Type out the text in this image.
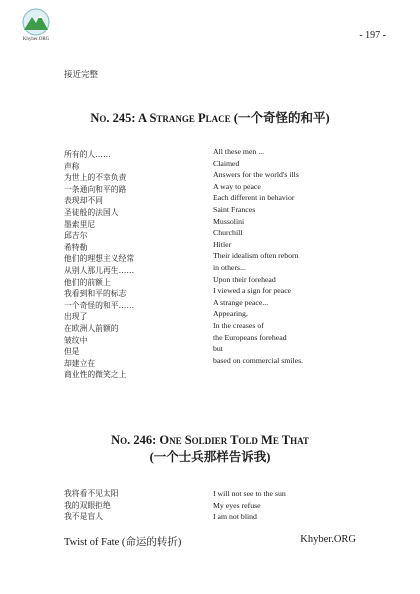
Khyber.ORG	- 197 -
接近完整
No. 245: A Strange Place (一个奇怪的和平)
所有的人……
声称
为世上的不幸负责
一条通向和平的路
表现却不同
圣徒般的法国人
墨索里尼
邱吉尔
希特勒
他们的理想主义经常
从别人那儿再生……
他们的前额上
我看到和平的标志
一个奇怪的和平……
出现了
在欧洲人前额的
皱纹中
但是
却建立在
商业性的微笑之上
All these men ...
Claimed
Answers for the world's ills
A way to peace
Each different in behavior
Saint Frances
Mussolini
Churchill
Hitler
Their idealism often reborn
in others...
Upon their forehead
I viewed a sign for peace
A strange peace...
Appearing,
In the creases of
the Europeans forehead
but
based on commercial smiles.
No. 246: One Soldier Told Me That
(一个士兵那样告诉我)
我将看不见太阳
我的双眼拒绝
我不是盲人
I will not see to the sun
My eyes refuse
I am not blind
Twist of Fate (命运的转折)	Khyber.ORG
